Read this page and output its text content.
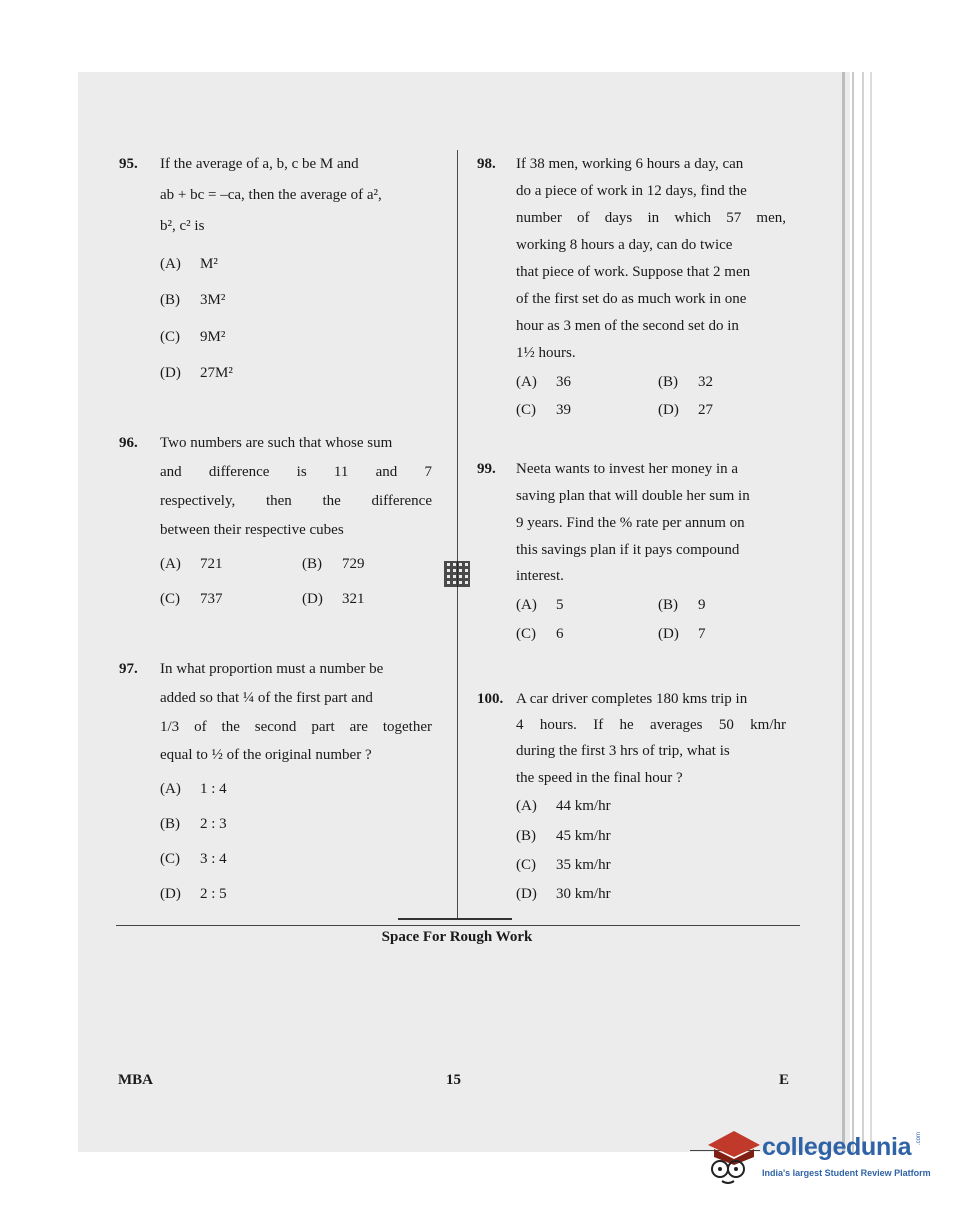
95. If the average of a, b, c be M and
ab + bc = –ca, then the average of a²,
b², c² is
(A) M²
(B) 3M²
(C) 9M²
(D) 27M²
96. Two numbers are such that whose sum
and difference is 11 and 7
respectively, then the difference
between their respective cubes
(A) 721	(B) 729
(C) 737	(D) 321
97. In what proportion must a number be
added so that ¼ of the first part and
1/3 of the second part are together
equal to ½ of the original number ?
(A) 1 : 4
(B) 2 : 3
(C) 3 : 4
(D) 2 : 5
98. If 38 men, working 6 hours a day, can
do a piece of work in 12 days, find the
number of days in which 57 men,
working 8 hours a day, can do twice
that piece of work. Suppose that 2 men
of the first set do as much work in one
hour as 3 men of the second set do in
1½ hours.
(A) 36	(B) 32
(C) 39	(D) 27
99. Neeta wants to invest her money in a
saving plan that will double her sum in
9 years. Find the % rate per annum on
this savings plan if it pays compound
interest.
(A) 5	(B) 9
(C) 6	(D) 7
100. A car driver completes 180 kms trip in
4 hours. If he averages 50 km/hr
during the first 3 hrs of trip, what is
the speed in the final hour ?
(A) 44 km/hr
(B) 45 km/hr
(C) 35 km/hr
(D) 30 km/hr
Space For Rough Work
MBA	15	E
collegedunia .com
India's largest Student Review Platform
